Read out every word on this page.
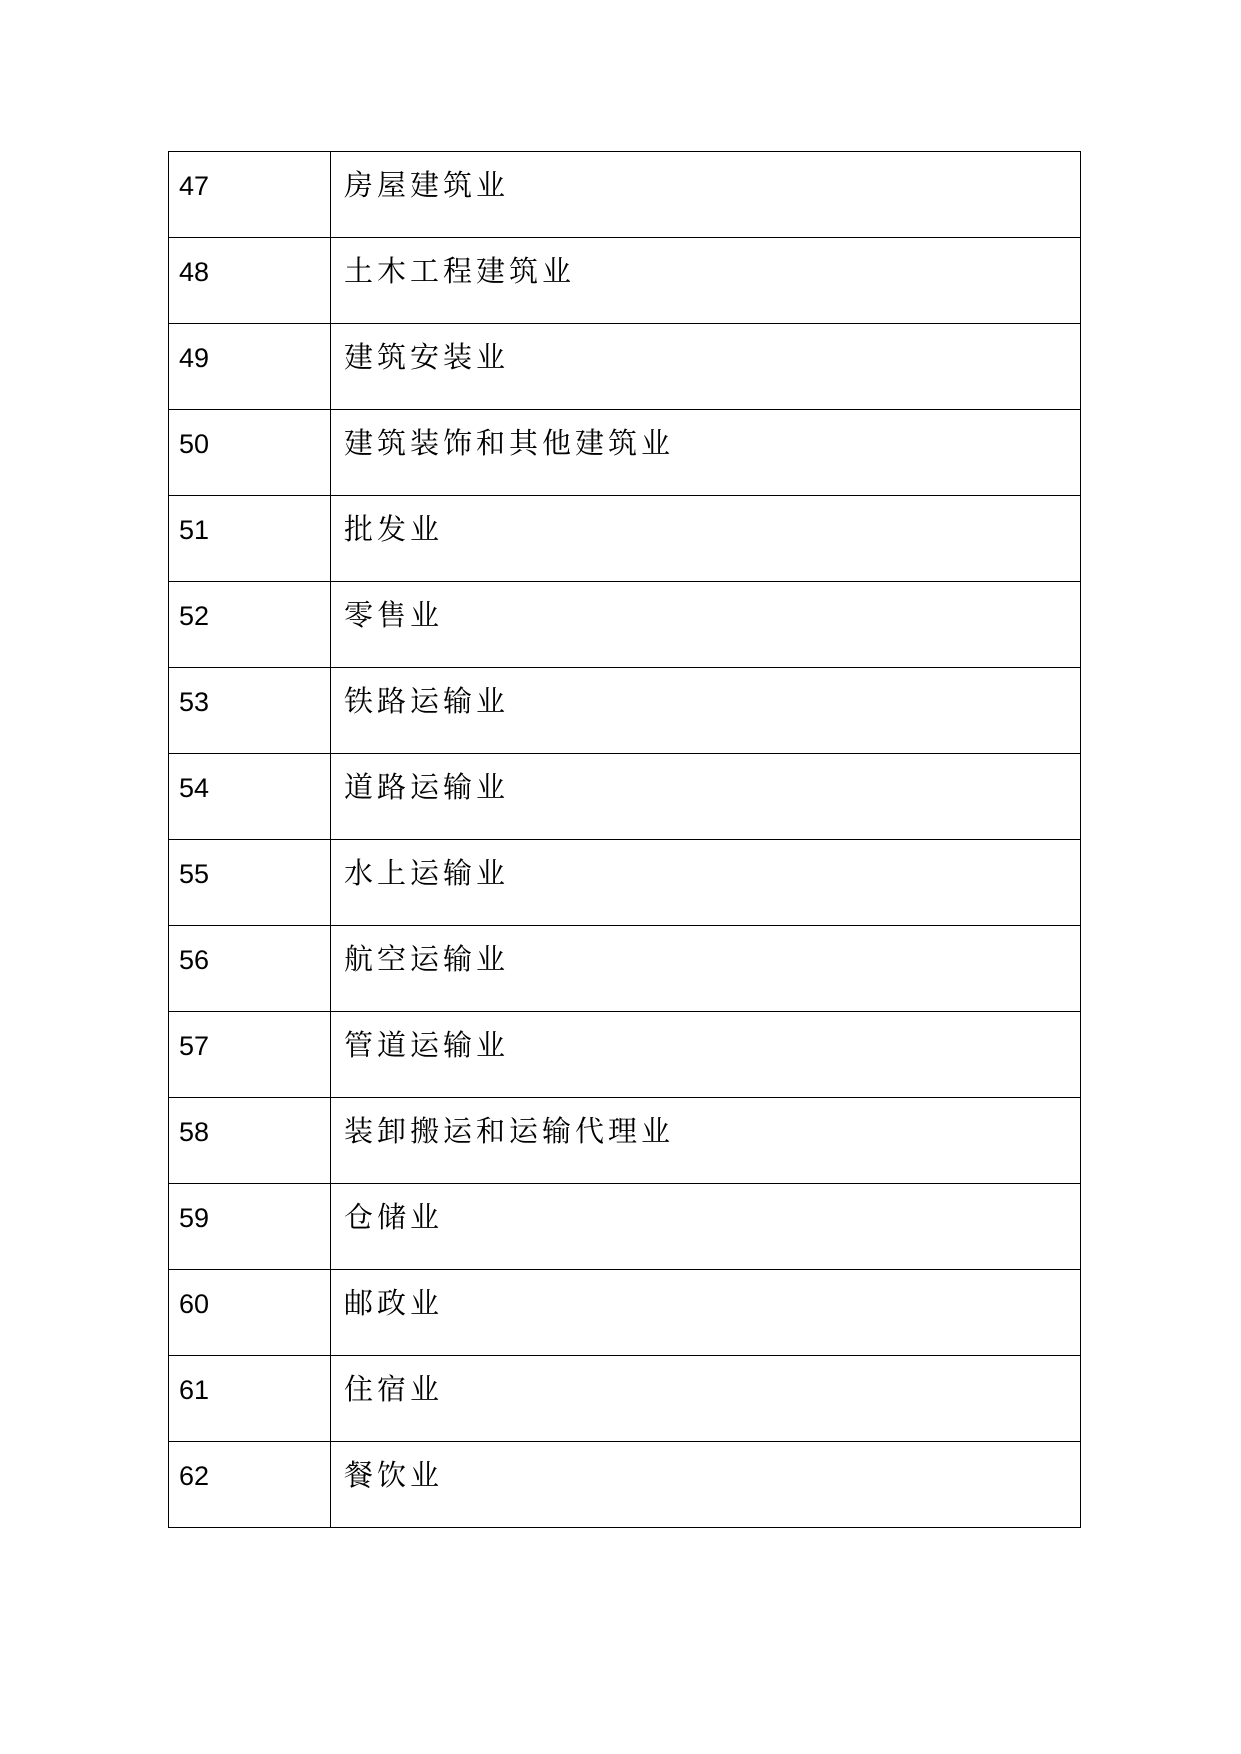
47	房屋建筑业

48	土木工程建筑业

49	建筑安装业

50	建筑装饰和其他建筑业

51	批发业

52	零售业

53	铁路运输业

54	道路运输业

55	水上运输业

56	航空运输业

57	管道运输业

58	装卸搬运和运输代理业

59	仓储业

60	邮政业

61	住宿业

62	餐饮业
